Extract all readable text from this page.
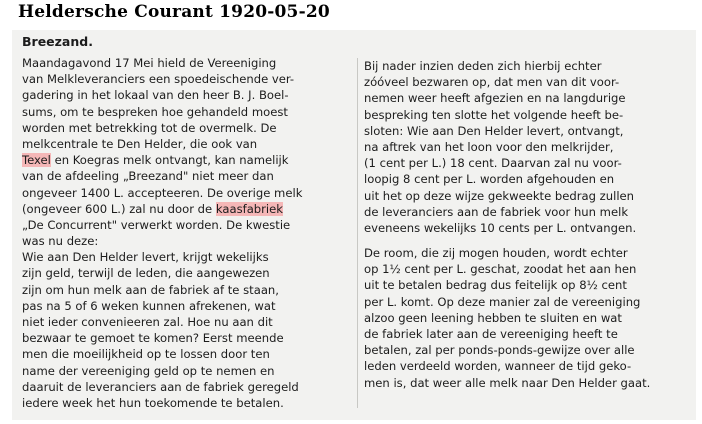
Heldersche Courant 1920-05-20
Breezand.
Maandagavond 17 Mei hield de Vereeniging
van Melkleveranciers een spoedeischende ver-
gadering in het lokaal van den heer B. J. Boel-
sums, om te bespreken hoe gehandeld moest
worden met betrekking tot de overmelk. De
melkcentrale te Den Helder, die ook van
Texel en Koegras melk ontvangt, kan namelijk
van de afdeeling „Breezand" niet meer dan
ongeveer 1400 L. accepteeren. De overige melk
(ongeveer 600 L.) zal nu door de kaasfabriek
„De Concurrent" verwerkt worden. De kwestie
was nu deze:
Wie aan Den Helder levert, krijgt wekelijks
zijn geld, terwijl de leden, die aangewezen
zijn om hun melk aan de fabriek af te staan,
pas na 5 of 6 weken kunnen afrekenen, wat
niet ieder convenieeren zal. Hoe nu aan dit
bezwaar te gemoet te komen? Eerst meende
men die moeilijkheid op te lossen door ten
name der vereeniging geld op te nemen en
daaruit de leveranciers aan de fabriek geregeld
iedere week het hun toekomende te betalen.
Bij nader inzien deden zich hierbij echter
zóóveel bezwaren op, dat men van dit voor-
nemen weer heeft afgezien en na langdurige
bespreking ten slotte het volgende heeft be-
sloten: Wie aan Den Helder levert, ontvangt,
na aftrek van het loon voor den melkrijder,
(1 cent per L.) 18 cent. Daarvan zal nu voor-
loopig 8 cent per L. worden afgehouden en
uit het op deze wijze gekweekte bedrag zullen
de leveranciers aan de fabriek voor hun melk
eveneens wekelijks 10 cents per L. ontvangen.
De room, die zij mogen houden, wordt echter
op 1½ cent per L. geschat, zoodat het aan hen
uit te betalen bedrag dus feitelijk op 8½ cent
per L. komt. Op deze manier zal de vereeniging
alzoo geen leening hebben te sluiten en wat
de fabriek later aan de vereeniging heeft te
betalen, zal per ponds-ponds-gewijze over alle
leden verdeeld worden, wanneer de tijd geko-
men is, dat weer alle melk naar Den Helder gaat.
